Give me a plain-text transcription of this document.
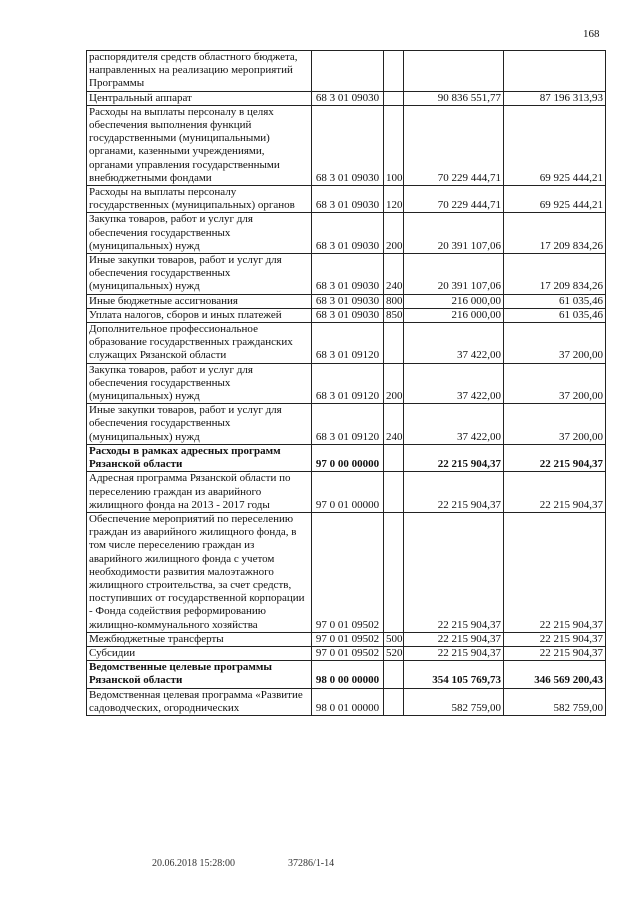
168
распорядителя средств областного бюджета, направленных на реализацию мероприятий Программы				
Центральный аппарат	68 3 01 09030		90 836 551,77	87 196 313,93
Расходы на выплаты персоналу в целях обеспечения выполнения функций государственными (муниципальными) органами, казенными учреждениями, органами управления государственными внебюджетными фондами	68 3 01 09030	100	70 229 444,71	69 925 444,21
Расходы на выплаты персоналу государственных (муниципальных) органов	68 3 01 09030	120	70 229 444,71	69 925 444,21
Закупка товаров, работ и услуг для обеспечения государственных (муниципальных) нужд	68 3 01 09030	200	20 391 107,06	17 209 834,26
Иные закупки товаров, работ и услуг для обеспечения государственных (муниципальных) нужд	68 3 01 09030	240	20 391 107,06	17 209 834,26
Иные бюджетные ассигнования	68 3 01 09030	800	216 000,00	61 035,46
Уплата налогов, сборов и иных платежей	68 3 01 09030	850	216 000,00	61 035,46
Дополнительное профессиональное образование государственных гражданских служащих Рязанской области	68 3 01 09120		37 422,00	37 200,00
Закупка товаров, работ и услуг для обеспечения государственных (муниципальных) нужд	68 3 01 09120	200	37 422,00	37 200,00
Иные закупки товаров, работ и услуг для обеспечения государственных (муниципальных) нужд	68 3 01 09120	240	37 422,00	37 200,00
Расходы в рамках адресных программ Рязанской области	97 0 00 00000		22 215 904,37	22 215 904,37
Адресная программа Рязанской области по переселению граждан из аварийного жилищного фонда на 2013 - 2017 годы	97 0 01 00000		22 215 904,37	22 215 904,37
Обеспечение мероприятий по переселению граждан из аварийного жилищного фонда, в том числе переселению граждан из аварийного жилищного фонда с учетом необходимости развития малоэтажного жилищного строительства, за счет средств, поступивших от государственной корпорации - Фонда содействия реформированию жилищно-коммунального хозяйства	97 0 01 09502		22 215 904,37	22 215 904,37
Межбюджетные трансферты	97 0 01 09502	500	22 215 904,37	22 215 904,37
Субсидии	97 0 01 09502	520	22 215 904,37	22 215 904,37
Ведомственные целевые программы Рязанской области	98 0 00 00000		354 105 769,73	346 569 200,43
Ведомственная целевая программа «Развитие садоводческих, огороднических	98 0 01 00000		582 759,00	582 759,00
20.06.2018 15:28:00	37286/1-14
